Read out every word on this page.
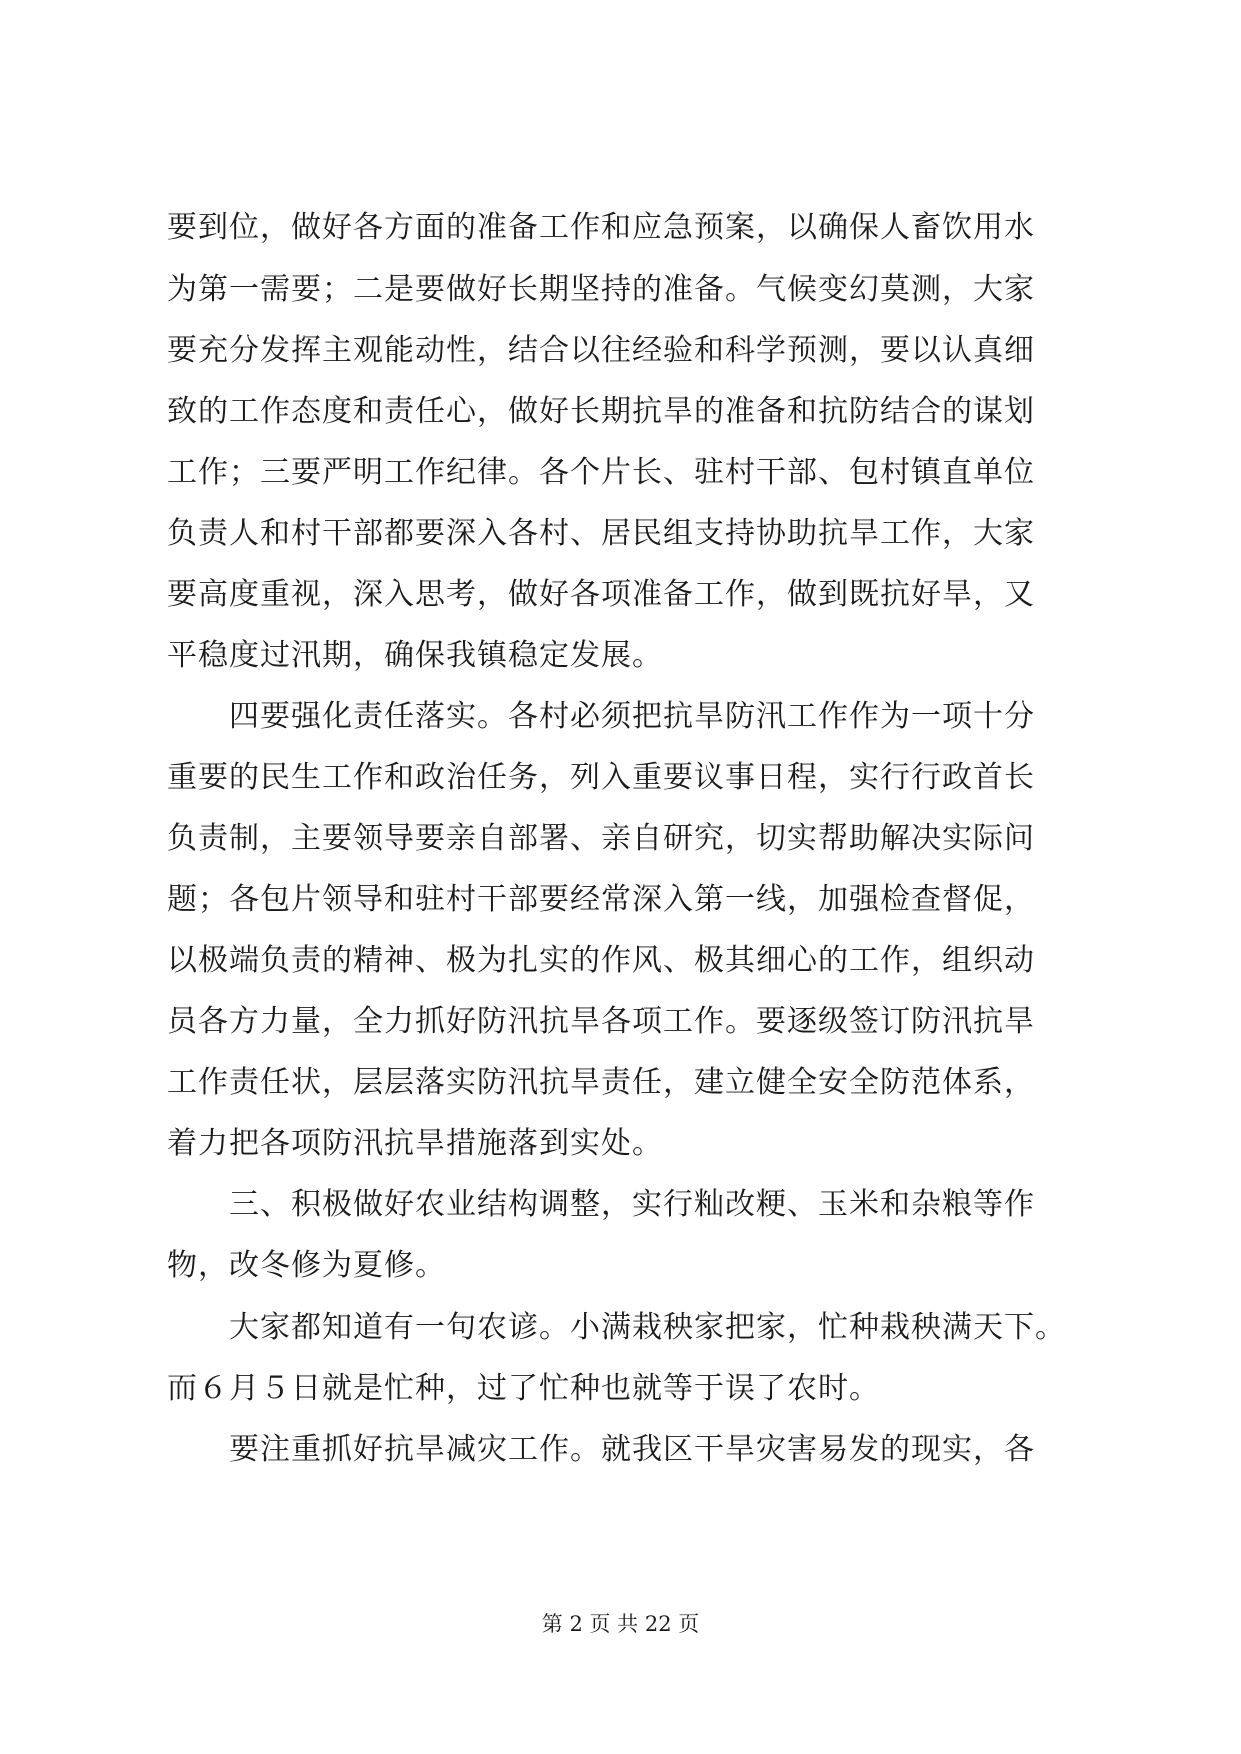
要到位，做好各方面的准备工作和应急预案，以确保人畜饮用水
为第一需要；二是要做好长期坚持的准备。气候变幻莫测，大家
要充分发挥主观能动性，结合以往经验和科学预测，要以认真细
致的工作态度和责任心，做好长期抗旱的准备和抗防结合的谋划
工作；三要严明工作纪律。各个片长、驻村干部、包村镇直单位
负责人和村干部都要深入各村、居民组支持协助抗旱工作，大家
要高度重视，深入思考，做好各项准备工作，做到既抗好旱，又
平稳度过汛期，确保我镇稳定发展。
四要强化责任落实。各村必须把抗旱防汛工作作为一项十分
重要的民生工作和政治任务，列入重要议事日程，实行行政首长
负责制，主要领导要亲自部署、亲自研究，切实帮助解决实际问
题；各包片领导和驻村干部要经常深入第一线，加强检查督促，
以极端负责的精神、极为扎实的作风、极其细心的工作，组织动
员各方力量，全力抓好防汛抗旱各项工作。要逐级签订防汛抗旱
工作责任状，层层落实防汛抗旱责任，建立健全安全防范体系，
着力把各项防汛抗旱措施落到实处。
三、积极做好农业结构调整，实行籼改粳、玉米和杂粮等作
物，改冬修为夏修。
大家都知道有一句农谚。小满栽秧家把家，忙种栽秧满天下。
而６月５日就是忙种，过了忙种也就等于误了农时。
要注重抓好抗旱减灾工作。就我区干旱灾害易发的现实，各
第 2 页 共 22 页
